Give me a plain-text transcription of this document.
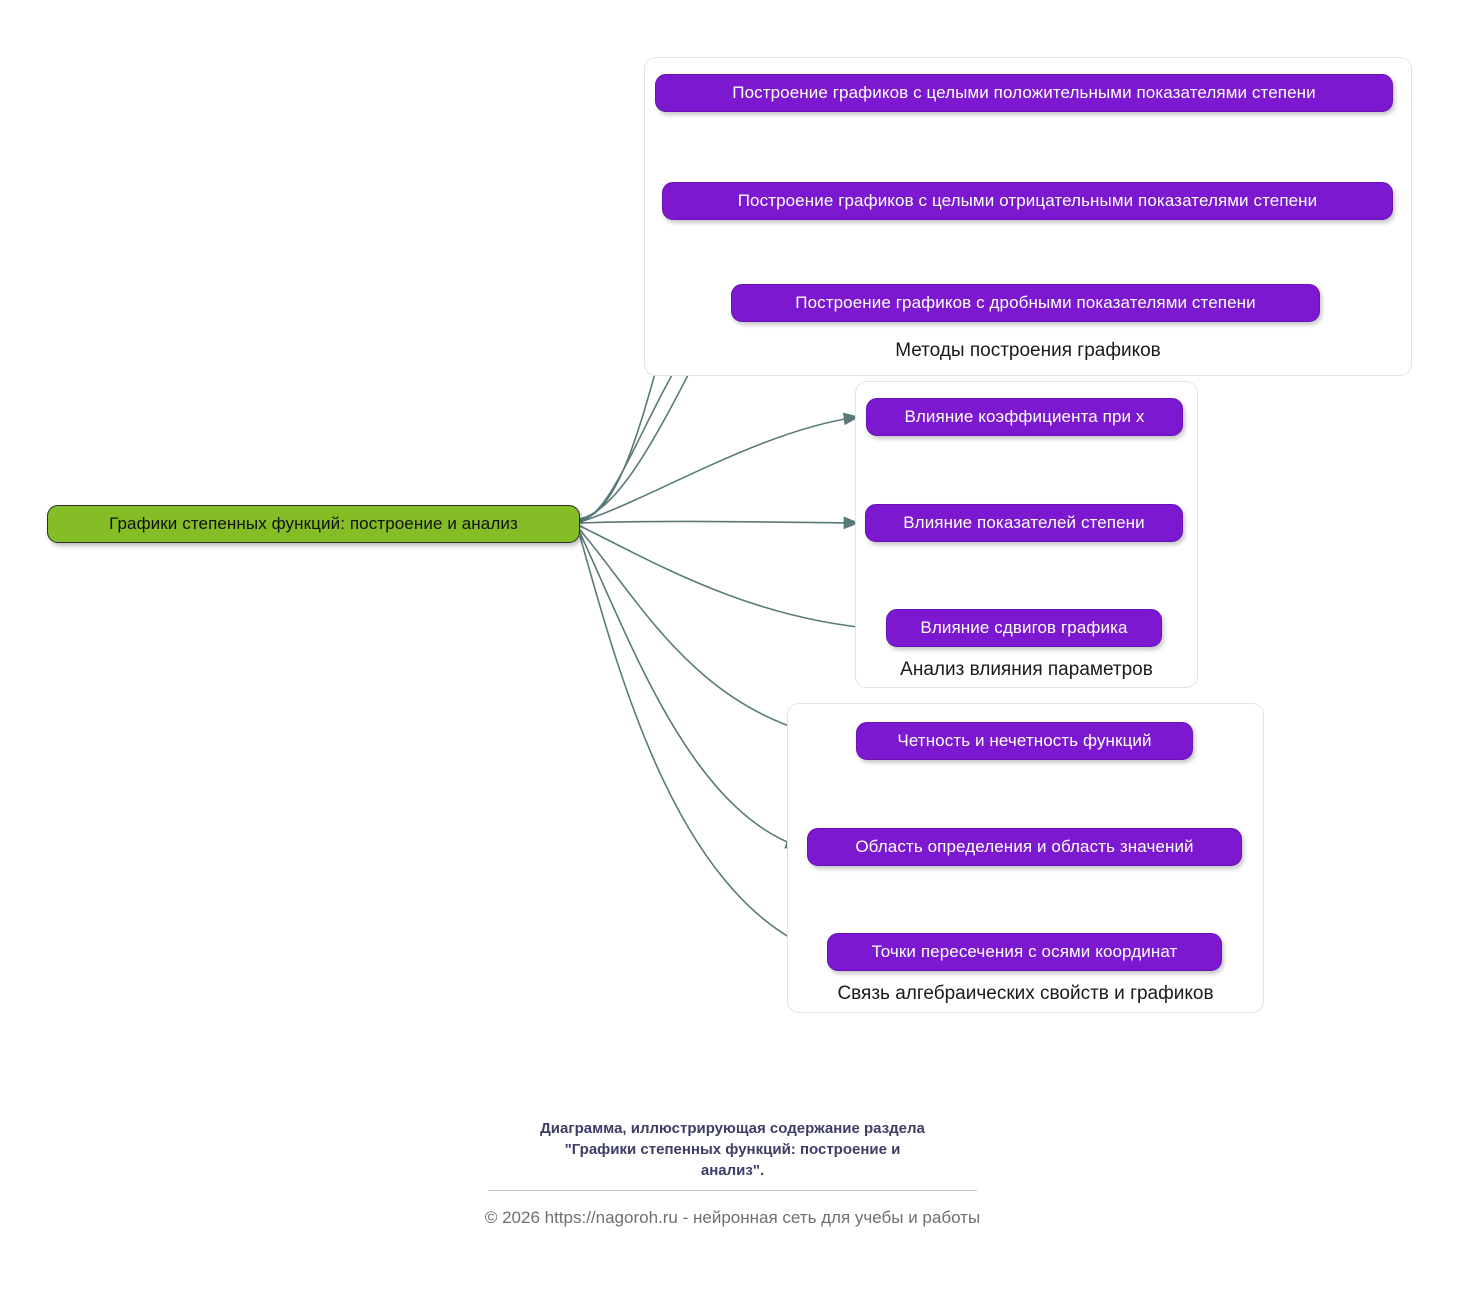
Методы построения графиков
Построение графиков с целыми положительными показателями степени
Построение графиков с целыми отрицательными показателями степени
Построение графиков с дробными показателями степени
Анализ влияния параметров
Влияние коэффициента при x
Влияние показателей степени
Влияние сдвигов графика
Связь алгебраических свойств и графиков
Четность и нечетность функций
Область определения и область значений
Точки пересечения с осями координат
Графики степенных функций: построение и анализ
Диаграмма, иллюстрирующая содержание раздела
"Графики степенных функций: построение и
анализ".
© 2026 https://nagoroh.ru - нейронная сеть для учебы и работы
